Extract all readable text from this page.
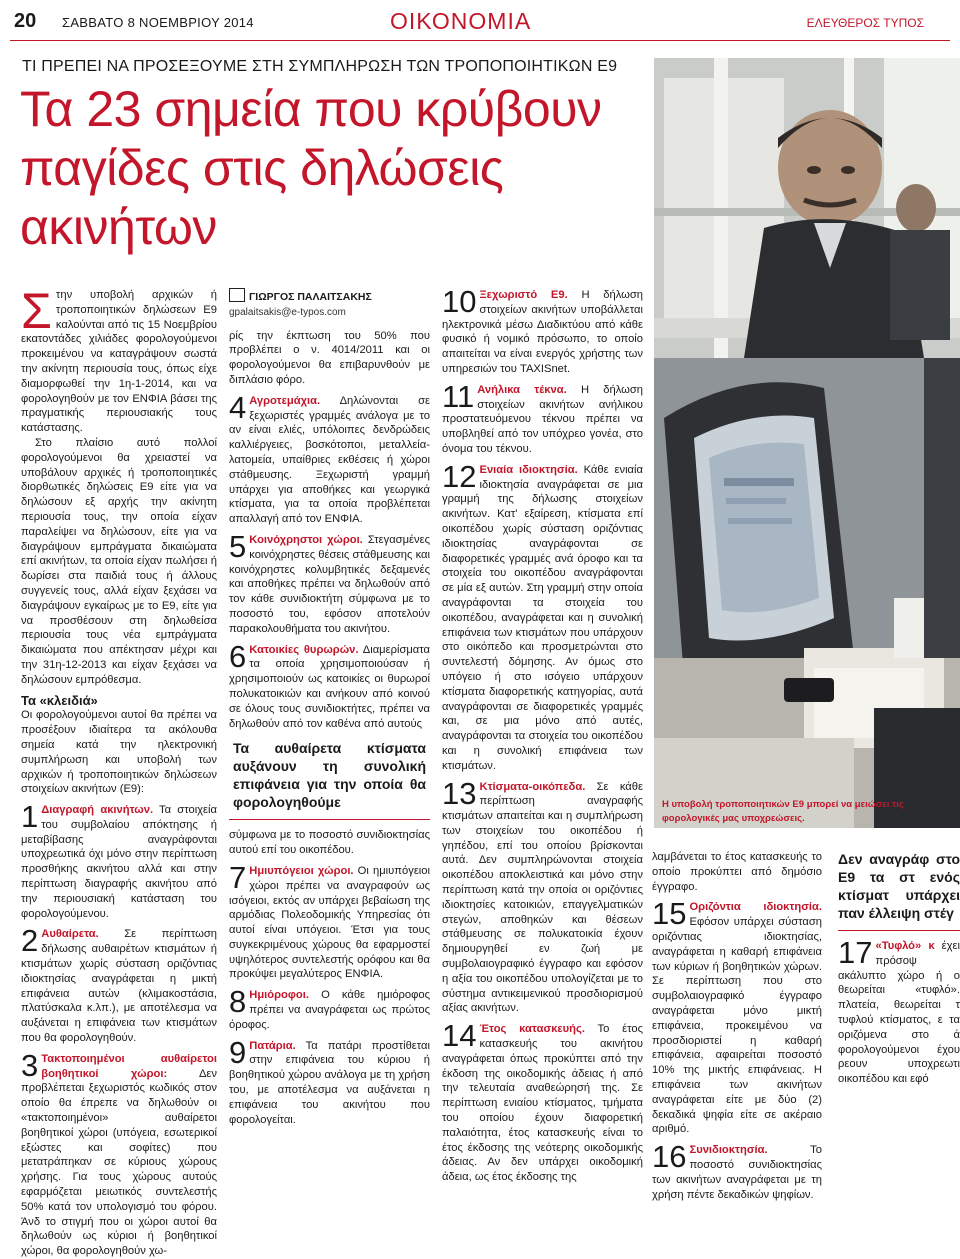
20 ΣΑΒΒΑΤΟ 8 ΝΟΕΜΒΡΙΟΥ 2014	ΟΙΚΟΝΟΜΙΑ	ΕΛΕΥΘΕΡΟΣ ΤΥΠΟΣ
ΤΙ ΠΡΕΠΕΙ ΝΑ ΠΡΟΣΕΞΟΥΜΕ ΣΤΗ ΣΥΜΠΛΗΡΩΣΗ ΤΩΝ ΤΡΟΠΟΠΟΙΗΤΙΚΩΝ Ε9
Τα 23 σημεία που κρύβουν παγίδες στις δηλώσεις ακινήτων
Η υποβολή τροποποιητικών Ε9 μπορεί να μειώσει τις φορολογικές μας υποχρεώσεις.
Σ την υποβολή αρχικών ή τροποποιητικών δηλώσεων Ε9 καλούνται από τις 15 Νοεμβρίου εκατοντάδες χιλιάδες φορολογούμενοι προκειμένου να καταγράψουν σωστά την ακίνητη περιουσία τους, όπως είχε διαμορφωθεί την 1η-1-2014, και να φορολογηθούν με τον ΕΝΦΙΑ βάσει της πραγματικής περιουσιακής τους κατάστασης.

Στο πλαίσιο αυτό πολλοί φορολογούμενοι θα χρειαστεί να υποβάλουν αρχικές ή τροποποιητικές διορθωτικές δηλώσεις Ε9 είτε για να δηλώσουν εξ αρχής την ακίνητη περιουσία τους, την οποία είχαν παραλείψει να δηλώσουν, είτε για να διαγράψουν εμπράγματα δικαιώματα επί ακινήτων, τα οποία είχαν πωλήσει ή δωρίσει στα παιδιά τους ή άλλους συγγενείς τους, αλλά είχαν ξεχάσει να διαγράψουν εγκαίρως με το Ε9, είτε για να προσθέσουν στη δηλωθείσα περιουσία τους νέα εμπράγματα δικαιώματα που απέκτησαν μέχρι και την 31η-12-2013 και είχαν ξεχάσει να δηλώσουν εμπρόθεσμα.

Τα «κλειδιά»

Οι φορολογούμενοι αυτοί θα πρέπει να προσέξουν ιδιαίτερα τα ακόλουθα σημεία κατά την ηλεκτρονική συμπλήρωση και υποβολή των αρχικών ή τροποποιητικών δηλώσεων στοιχείων ακινήτων (Ε9):

1 Διαγραφή ακινήτων. Τα στοιχεία του συμβολαίου απόκτησης ή μεταβίβασης αναγράφονται υποχρεωτικά όχι μόνο στην περίπτωση προσθήκης ακινήτου αλλά και στην περίπτωση διαγραφής ακινήτου από την περιουσιακή κατάσταση του φορολογούμενου.

2 Αυθαίρετα. Σε περίπτωση δήλωσης αυθαιρέτων κτισμάτων ή κτισμάτων χωρίς σύσταση οριζόντιας ιδιοκτησίας αναγράφεται η μικτή επιφάνεια αυτών (κλιμακοστάσια, πλατύσκαλα κ.λπ.), με αποτέλεσμα να αυξάνεται η επιφάνεια των κτισμάτων που θα φορολογηθούν.

3 Τακτοποιημένοι αυθαίρετοι βοηθητικοί χώροι: Δεν προβλέπεται ξεχωριστός κωδικός στον οποίο θα έπρεπε να δηλωθούν οι «τακτοποιημένοι» αυθαίρετοι βοηθητικοί χώροι (υπόγεια, εσωτερικοί εξώστες και σοφίτες) που μετατράπηκαν σε κύριους χώρους χρήσης. Για τους χώρους αυτούς εφαρμόζεται μειωτικός συντελεστής 50% κατά τον υπολογισμό του φόρου. Άνδ το στιγμή που οι χώροι αυτοί θα δηλωθούν ως κύριοι ή βοηθητικοί χώροι, θα φορολογηθούν χω-

ΓΙΩΡΓΟΣ ΠΑΛΑΙΤΣΑΚΗΣ
gpalaitsakis@e-typos.com

ρίς την έκπτωση του 50% που προβλέπει ο ν. 4014/2011 και οι φορολογούμενοι θα επιβαρυνθούν με διπλάσιο φόρο.

4 Αγροτεμάχια. Δηλώνονται σε ξεχωριστές γραμμές ανάλογα με το αν είναι ελιές, υπόλοιπες δενδρώδεις καλλιέργειες, βοσκότοποι, μεταλλεία-λατομεία, υπαίθριες εκθέσεις ή χώροι στάθμευσης. Ξεχωριστή γραμμή υπάρχει για αποθήκες και γεωργικά κτίσματα, για τα οποία προβλέπεται απαλλαγή από τον ΕΝΦΙΑ.

5 Κοινόχρηστοι χώροι. Στεγασμένες κοινόχρηστες θέσεις στάθμευσης και κοινόχρηστες κολυμβητικές δεξαμενές και αποθήκες πρέπει να δηλωθούν από τον κάθε συνιδιοκτήτη σύμφωνα με το ποσοστό του, εφόσον αποτελούν παρακολουθήματα του ακινήτου.

6 Κατοικίες θυρωρών. Διαμερίσματα τα οποία χρησιμοποιούσαν ή χρησιμοποιούν ως κατοικίες οι θυρωροί πολυκατοικιών και ανήκουν από κοινού σε όλους τους συνιδιοκτήτες, πρέπει να δηλωθούν από τον καθένα από αυτούς

Τα αυθαίρετα κτίσματα αυξάνουν τη συνολική επιφάνεια για την οποία θα φορολογηθούμε

σύμφωνα με το ποσοστό συνιδιοκτησίας αυτού επί του οικοπέδου.

7 Ημιυπόγειοι χώροι. Οι ημιυπόγειοι χώροι πρέπει να αναγραφούν ως ισόγειοι, εκτός αν υπάρχει βεβαίωση της αρμόδιας Πολεοδομικής Υπηρεσίας ότι αυτοί είναι υπόγειοι. Έτσι για τους συγκεκριμένους χώρους θα εφαρμοστεί υψηλότερος συντελεστής ορόφου και θα προκύψει μεγαλύτερος ΕΝΦΙΑ.

8 Ημιόροφοι. Ο κάθε ημιόροφος πρέπει να αναγράφεται ως πρώτος όροφος.

9 Πατάρια. Τα πατάρι προστίθεται στην επιφάνεια του κύριου ή βοηθητικού χώρου ανάλογα με τη χρήση του, με αποτέλεσμα να αυξάνεται η επιφάνεια του ακινήτου που φορολογείται.

10 Ξεχωριστό Ε9. Η δήλωση στοιχείων ακινήτων υποβάλλεται ηλεκτρονικά μέσω Διαδικτύου από κάθε φυσικό ή νομικό πρόσωπο, το οποίο απαιτείται να είναι ενεργός χρήστης των υπηρεσιών του TAXISnet.

11 Ανήλικα τέκνα. Η δήλωση στοιχείων ακινήτων ανήλικου προστατευόμενου τέκνου πρέπει να υποβληθεί από τον υπόχρεο γονέα, στο όνομα του τέκνου.

12 Ενιαία ιδιοκτησία. Κάθε ενιαία ιδιοκτησία αναγράφεται σε μια γραμμή της δήλωσης στοιχείων ακινήτων. Κατ' εξαίρεση, κτίσματα επί οικοπέδου χωρίς σύσταση οριζόντιας ιδιοκτησίας αναγράφονται σε διαφορετικές γραμμές ανά όροφο και τα στοιχεία του οικοπέδου αναγράφονται σε μία εξ αυτών. Στη γραμμή στην οποία αναγράφονται τα στοιχεία του οικοπέδου, αναγράφεται και η συνολική επιφάνεια των κτισμάτων που υπάρχουν στο οικόπεδο και προσμετρώνται στο συντελεστή δόμησης. Αν όμως στο υπόγειο ή στο ισόγειο υπάρχουν κτίσματα διαφορετικής κατηγορίας, αυτά αναγράφονται σε διαφορετικές γραμμές και, σε μια μόνο από αυτές, αναγράφονται τα στοιχεία του οικοπέδου και η συνολική επιφάνεια των κτισμάτων.

13 Κτίσματα-οικόπεδα. Σε κάθε περίπτωση αναγραφής κτισμάτων απαιτείται και η συμπλήρωση των στοιχείων του οικοπέδου ή γηπέδου, επί του οποίου βρίσκονται αυτά. Δεν συμπληρώνονται στοιχεία οικοπέδου αποκλειστικά και μόνο στην περίπτωση κατά την οποία οι οριζόντιες ιδιοκτησίες κατοικιών, επαγγελματικών στεγών, αποθηκών και θέσεων στάθμευσης σε πολυκατοικία έχουν δημιουργηθεί εν ζωή με συμβολαιογραφικό έγγραφο και εφόσον η αξία του οικοπέδου υπολογίζεται με το σύστημα αντικειμενικού προσδιορισμού αξίας ακινήτων.

14 Έτος κατασκευής. Το έτος κατασκευής του ακινήτου αναγράφεται όπως προκύπτει από την έκδοση της οικοδομικής άδειας ή από την τελευταία αναθεώρησή της. Σε περίπτωση ενιαίου κτίσματος, τμήματα του οποίου έχουν διαφορετική παλαιότητα, έτος κατασκευής είναι το έτος έκδοσης της νεότερης οικοδομικής άδειας. Αν δεν υπάρχει οικοδομική άδεια, ως έτος έκδοσης της

λαμβάνεται το έτος κατασκευής το οποίο προκύπτει από δημόσιο έγγραφο.

15 Οριζόντια ιδιοκτησία. Εφόσον υπάρχει σύσταση οριζόντιας ιδιοκτησίας, αναγράφεται η καθαρή επιφάνεια των κύριων ή βοηθητικών χώρων. Σε περίπτωση που στο συμβολαιογραφικό έγγραφο αναγράφεται μόνο μικτή επιφάνεια, προκειμένου να προσδιοριστεί η καθαρή επιφάνεια, αφαιρείται ποσοστό 10% της μικτής επιφάνειας. Η επιφάνεια των ακινήτων αναγράφεται είτε με δύο (2) δεκαδικά ψηφία είτε σε ακέραιο αριθμό.

16 Συνιδιοκτησία. Το ποσοστό συνιδιοκτησίας των ακινήτων αναγράφεται με τη χρήση πέντε δεκαδικών ψηφίων.

Δεν αναγράφ στο Ε9 τα στ ενός κτίσματ υπάρχει παν έλλειψη στέγ
17 «Τυφλό» κ έχει πρόσοψ ακάλυπτο χώρο ή ο θεωρείται «τυφλό». πλατεία, θεωρείται τ τυφλού κτίσματος, ε τα οριζόμενα στο ά φορολογούμενοι έχου ρεουν υποχρεωτι οικοπέδου και εφό
